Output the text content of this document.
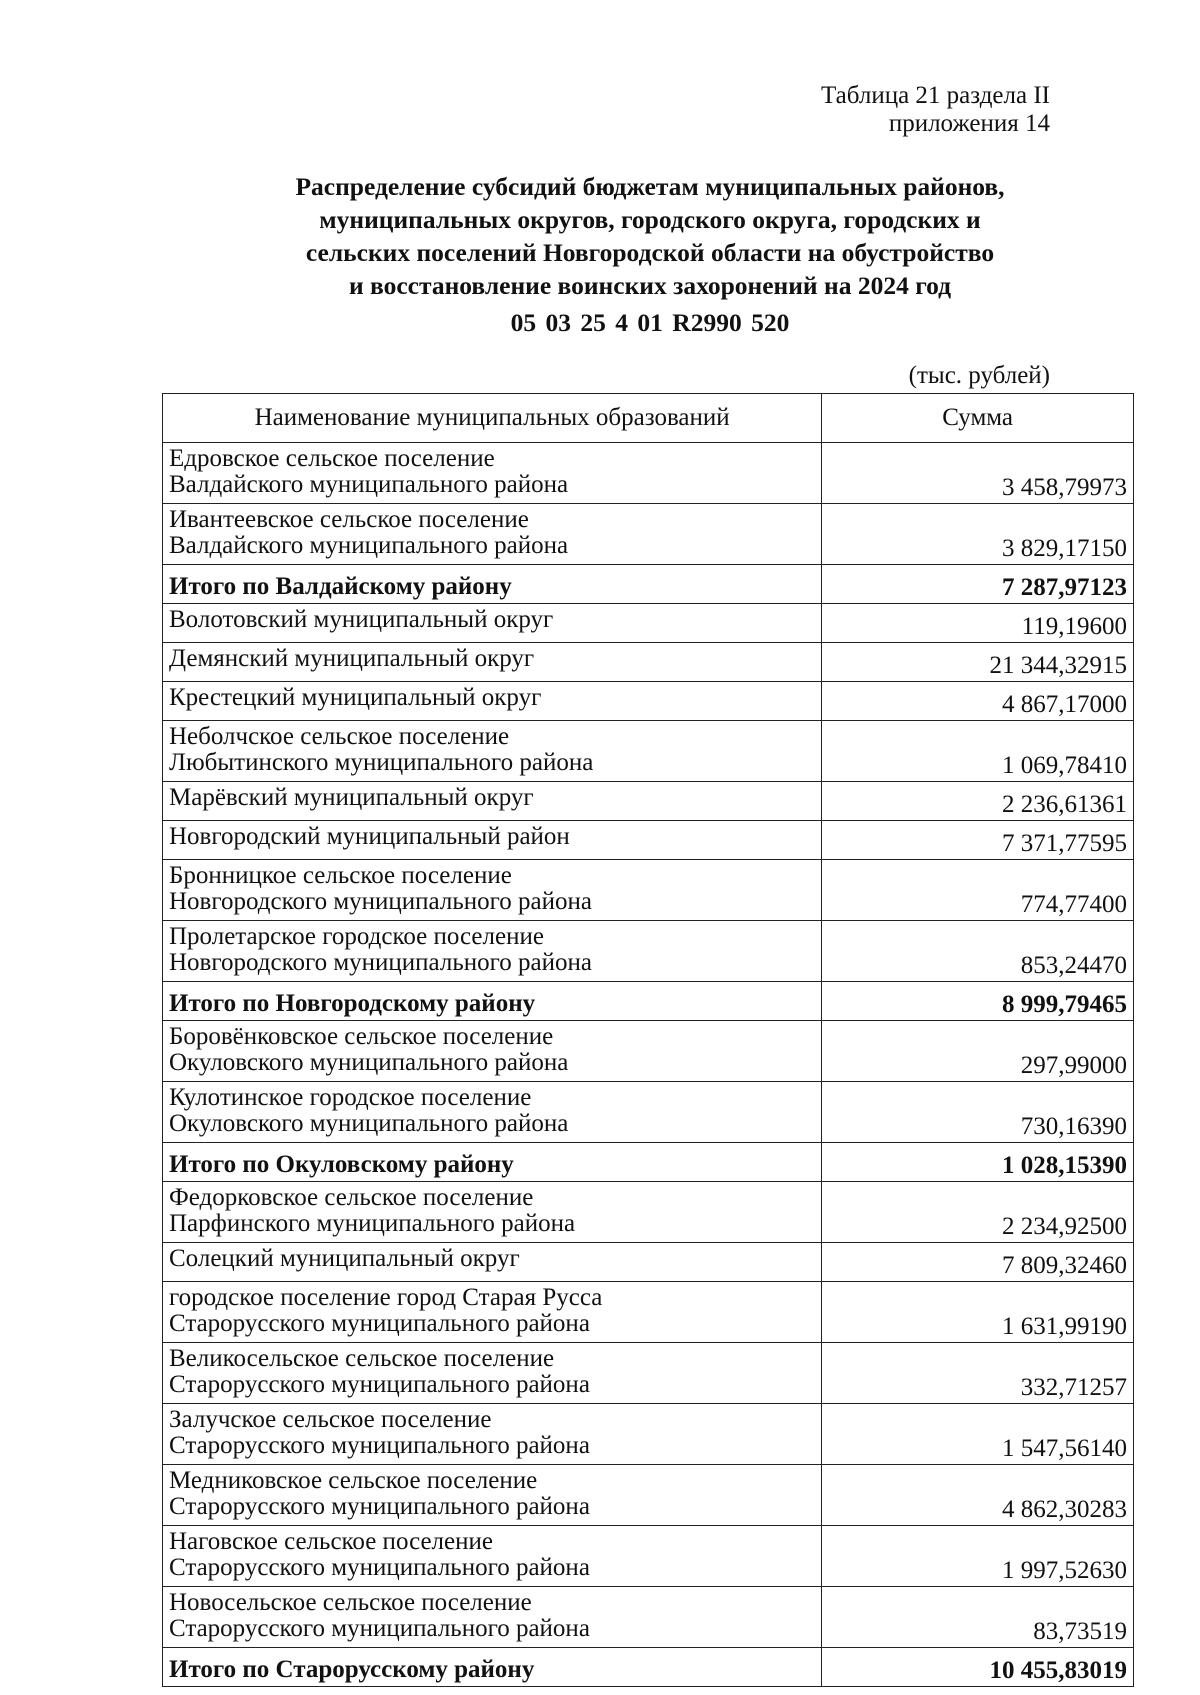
Таблица 21 раздела II
приложения 14
Распределение субсидий бюджетам муниципальных районов,
муниципальных округов, городского округа, городских и
сельских поселений Новгородской области на обустройство
и восстановление воинских захоронений на 2024 год
05 03 25 4 01 R2990 520
(тыс. рублей)
Наименование муниципальных образований	Сумма

Едровское сельское поселение
Валдайского муниципального района	3 458,79973

Ивантеевское сельское поселение
Валдайского муниципального района	3 829,17150
Итого по Валдайскому району	7 287,97123
Волотовский муниципальный округ	119,19600
Демянский муниципальный округ	21 344,32915
Крестецкий муниципальный округ	4 867,17000

Неболчское сельское поселение
Любытинского муниципального района	1 069,78410
Марёвский муниципальный округ	2 236,61361
Новгородский муниципальный район	7 371,77595

Бронницкое сельское поселение
Новгородского муниципального района	774,77400

Пролетарское городское поселение
Новгородского муниципального района	853,24470
Итого по Новгородскому району	8 999,79465

Боровёнковское сельское поселение
Окуловского муниципального района	297,99000

Кулотинское городское поселение
Окуловского муниципального района	730,16390
Итого по Окуловскому району	1 028,15390

Федорковское сельское поселение
Парфинского муниципального района	2 234,92500
Солецкий муниципальный округ	7 809,32460

городское поселение город Старая Русса
Старорусского муниципального района	1 631,99190

Великосельское сельское поселение
Старорусского муниципального района	332,71257

Залучское сельское поселение
Старорусского муниципального района	1 547,56140

Медниковское сельское поселение
Старорусского муниципального района	4 862,30283

Наговское сельское поселение
Старорусского муниципального района	1 997,52630

Новосельское сельское поселение
Старорусского муниципального района	83,73519
Итого по Старорусскому району	10 455,83019
